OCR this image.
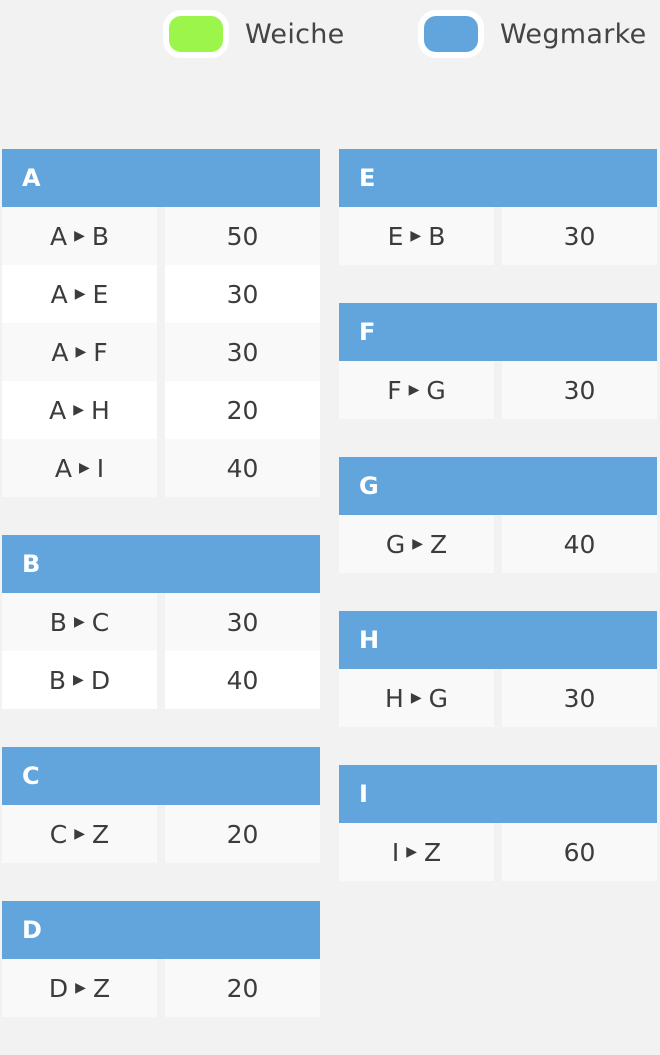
Weiche	Wegmarke
A
A ▶ B	50
A ▶ E	30
A ▶ F	30
A ▶ H	20
A ▶ I	40
B
B ▶ C	30
B ▶ D	40
C
C ▶ Z	20
D
D ▶ Z	20
E
E ▶ B	30
F
F ▶ G	30
G
G ▶ Z	40
H
H ▶ G	30
I
I ▶ Z	60
